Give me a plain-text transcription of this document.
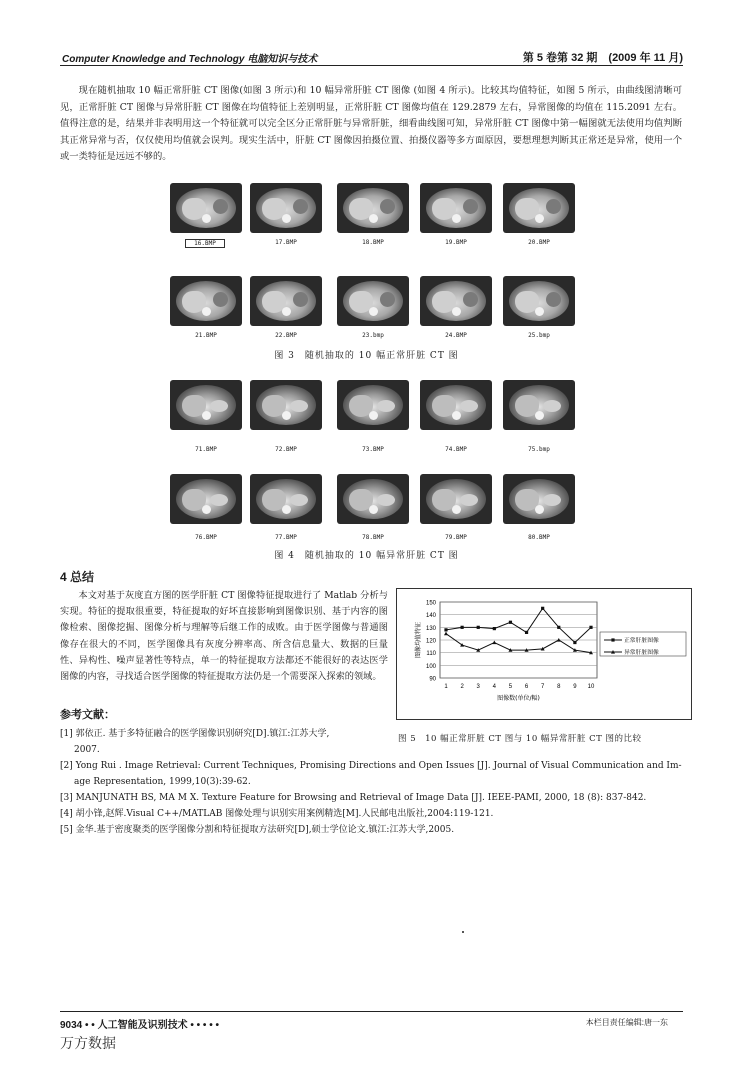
Computer Knowledge and Technology 电脑知识与技术	第 5 卷第 32 期　(2009 年 11 月)
现在随机抽取 10 幅正常肝脏 CT 图像(如图 3 所示)和 10 幅异常肝脏 CT 图像 (如图 4 所示)。比较其均值特征，如图 5 所示，由曲线图清晰可见，正常肝脏 CT 图像与异常肝脏 CT 图像在均值特征上差别明显，正常肝脏 CT 图像均值在 129.2879 左右，异常图像的均值在 115.2091 左右。值得注意的是，结果并非表明用这一个特征就可以完全区分正常肝脏与异常肝脏，细看曲线图可知，异常肝脏 CT 图像中第一幅图就无法使用均值判断其正常异常与否，仅仅使用均值就会误判。现实生活中，肝脏 CT 图像因拍摄位置、拍摄仪器等多方面原因，要想理想判断其正常还是异常，使用一个或一类特征是远远不够的。
16.BMP	17.BMP	18.BMP	19.BMP	20.BMP
21.BMP	22.BMP	23.bmp	24.BMP	25.bmp
图 3　随机抽取的 10 幅正常肝脏 CT 图
71.BMP	72.BMP	73.BMP	74.BMP	75.bmp
76.BMP	77.BMP	78.BMP	79.BMP	80.BMP
图 4　随机抽取的 10 幅异常肝脏 CT 图
4 总结
本文对基于灰度直方图的医学肝脏 CT 图像特征提取进行了 Matlab 分析与实现。特征的提取很重要，特征提取的好坏直接影响到图像识别、基于内容的图像检索、图像挖掘、图像分析与理解等后继工作的成败。由于医学图像与普通图像存在很大的不同，医学图像具有灰度分辨率高、所含信息量大、数据的巨量性、异构性、噪声显著性等特点，单一的特征提取方法都还不能很好的表达医学图像的内容，寻找适合医学图像的特征提取方法仍是一个需要深入探索的领域。	90
100
110
120
130
140
150
1 2 3 4 5 6 7 8 9 10
图像数(单位/幅)
图像均值特征	正常肝脏图像
异常肝脏图像
图 5　10 幅正常肝脏 CT 图与 10 幅异常肝脏 CT 图的比较
参考文献：
[1] 郭依正. 基于多特征融合的医学图像识别研究[D].镇江:江苏大学,
2007.
[2] Yong Rui . Image Retrieval: Current Techniques, Promising Directions and Open Issues [J]. Journal of Visual Communication and Im-
age Representation, 1999,10(3):39-62.
[3] MANJUNATH BS, MA M X. Texture Feature for Browsing and Retrieval of Image Data [J]. IEEE-PAMI, 2000, 18 (8): 837-842.
[4] 胡小锋,赵辉.Visual C++/MATLAB 图像处理与识别实用案例精选[M].人民邮电出版社,2004:119-121.
[5] 金华.基于密度聚类的医学图像分割和特征提取方法研究[D],硕士学位论文.镇江:江苏大学,2005.
9034 • • 人工智能及识别技术 • • • • •	本栏目责任编辑:唐一东
万方数据
